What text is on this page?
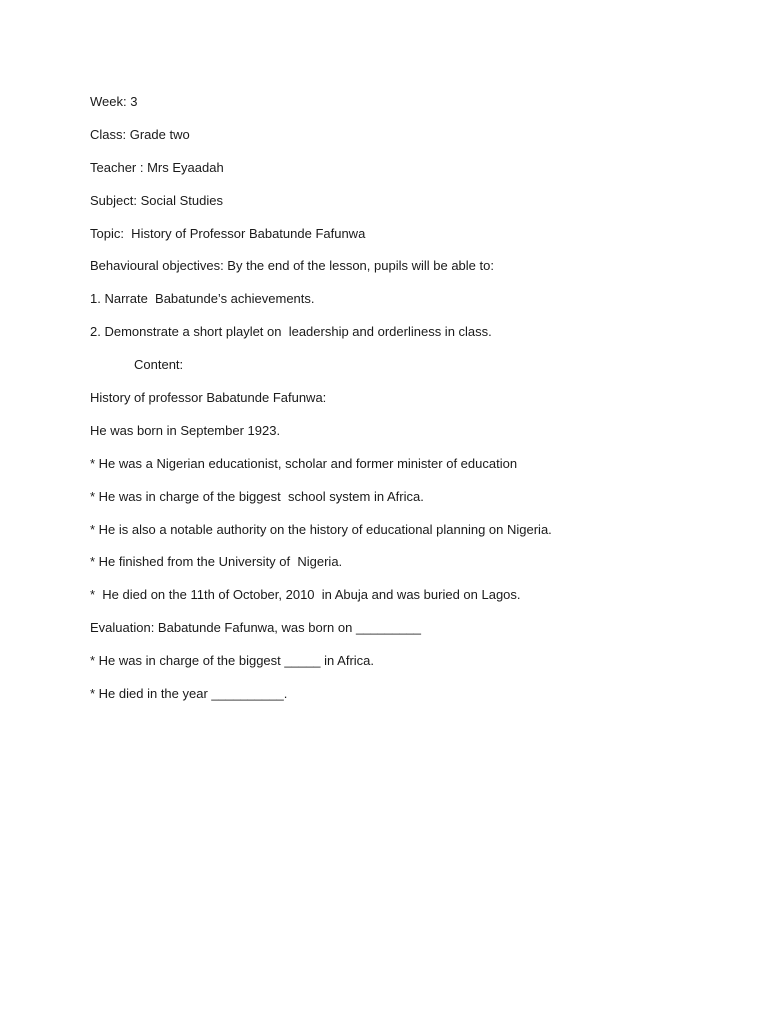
Week: 3
Class: Grade two
Teacher : Mrs Eyaadah
Subject: Social Studies
Topic:  History of Professor Babatunde Fafunwa
Behavioural objectives: By the end of the lesson, pupils will be able to:
1. Narrate  Babatunde’s achievements.
2. Demonstrate a short playlet on  leadership and orderliness in class.
Content:
History of professor Babatunde Fafunwa:
He was born in September 1923.
* He was a Nigerian educationist, scholar and former minister of education
* He was in charge of the biggest  school system in Africa.
* He is also a notable authority on the history of educational planning on Nigeria.
* He finished from the University of  Nigeria.
*  He died on the 11th of October, 2010  in Abuja and was buried on Lagos.
Evaluation: Babatunde Fafunwa, was born on _________
* He was in charge of the biggest _____ in Africa.
* He died in the year __________.
